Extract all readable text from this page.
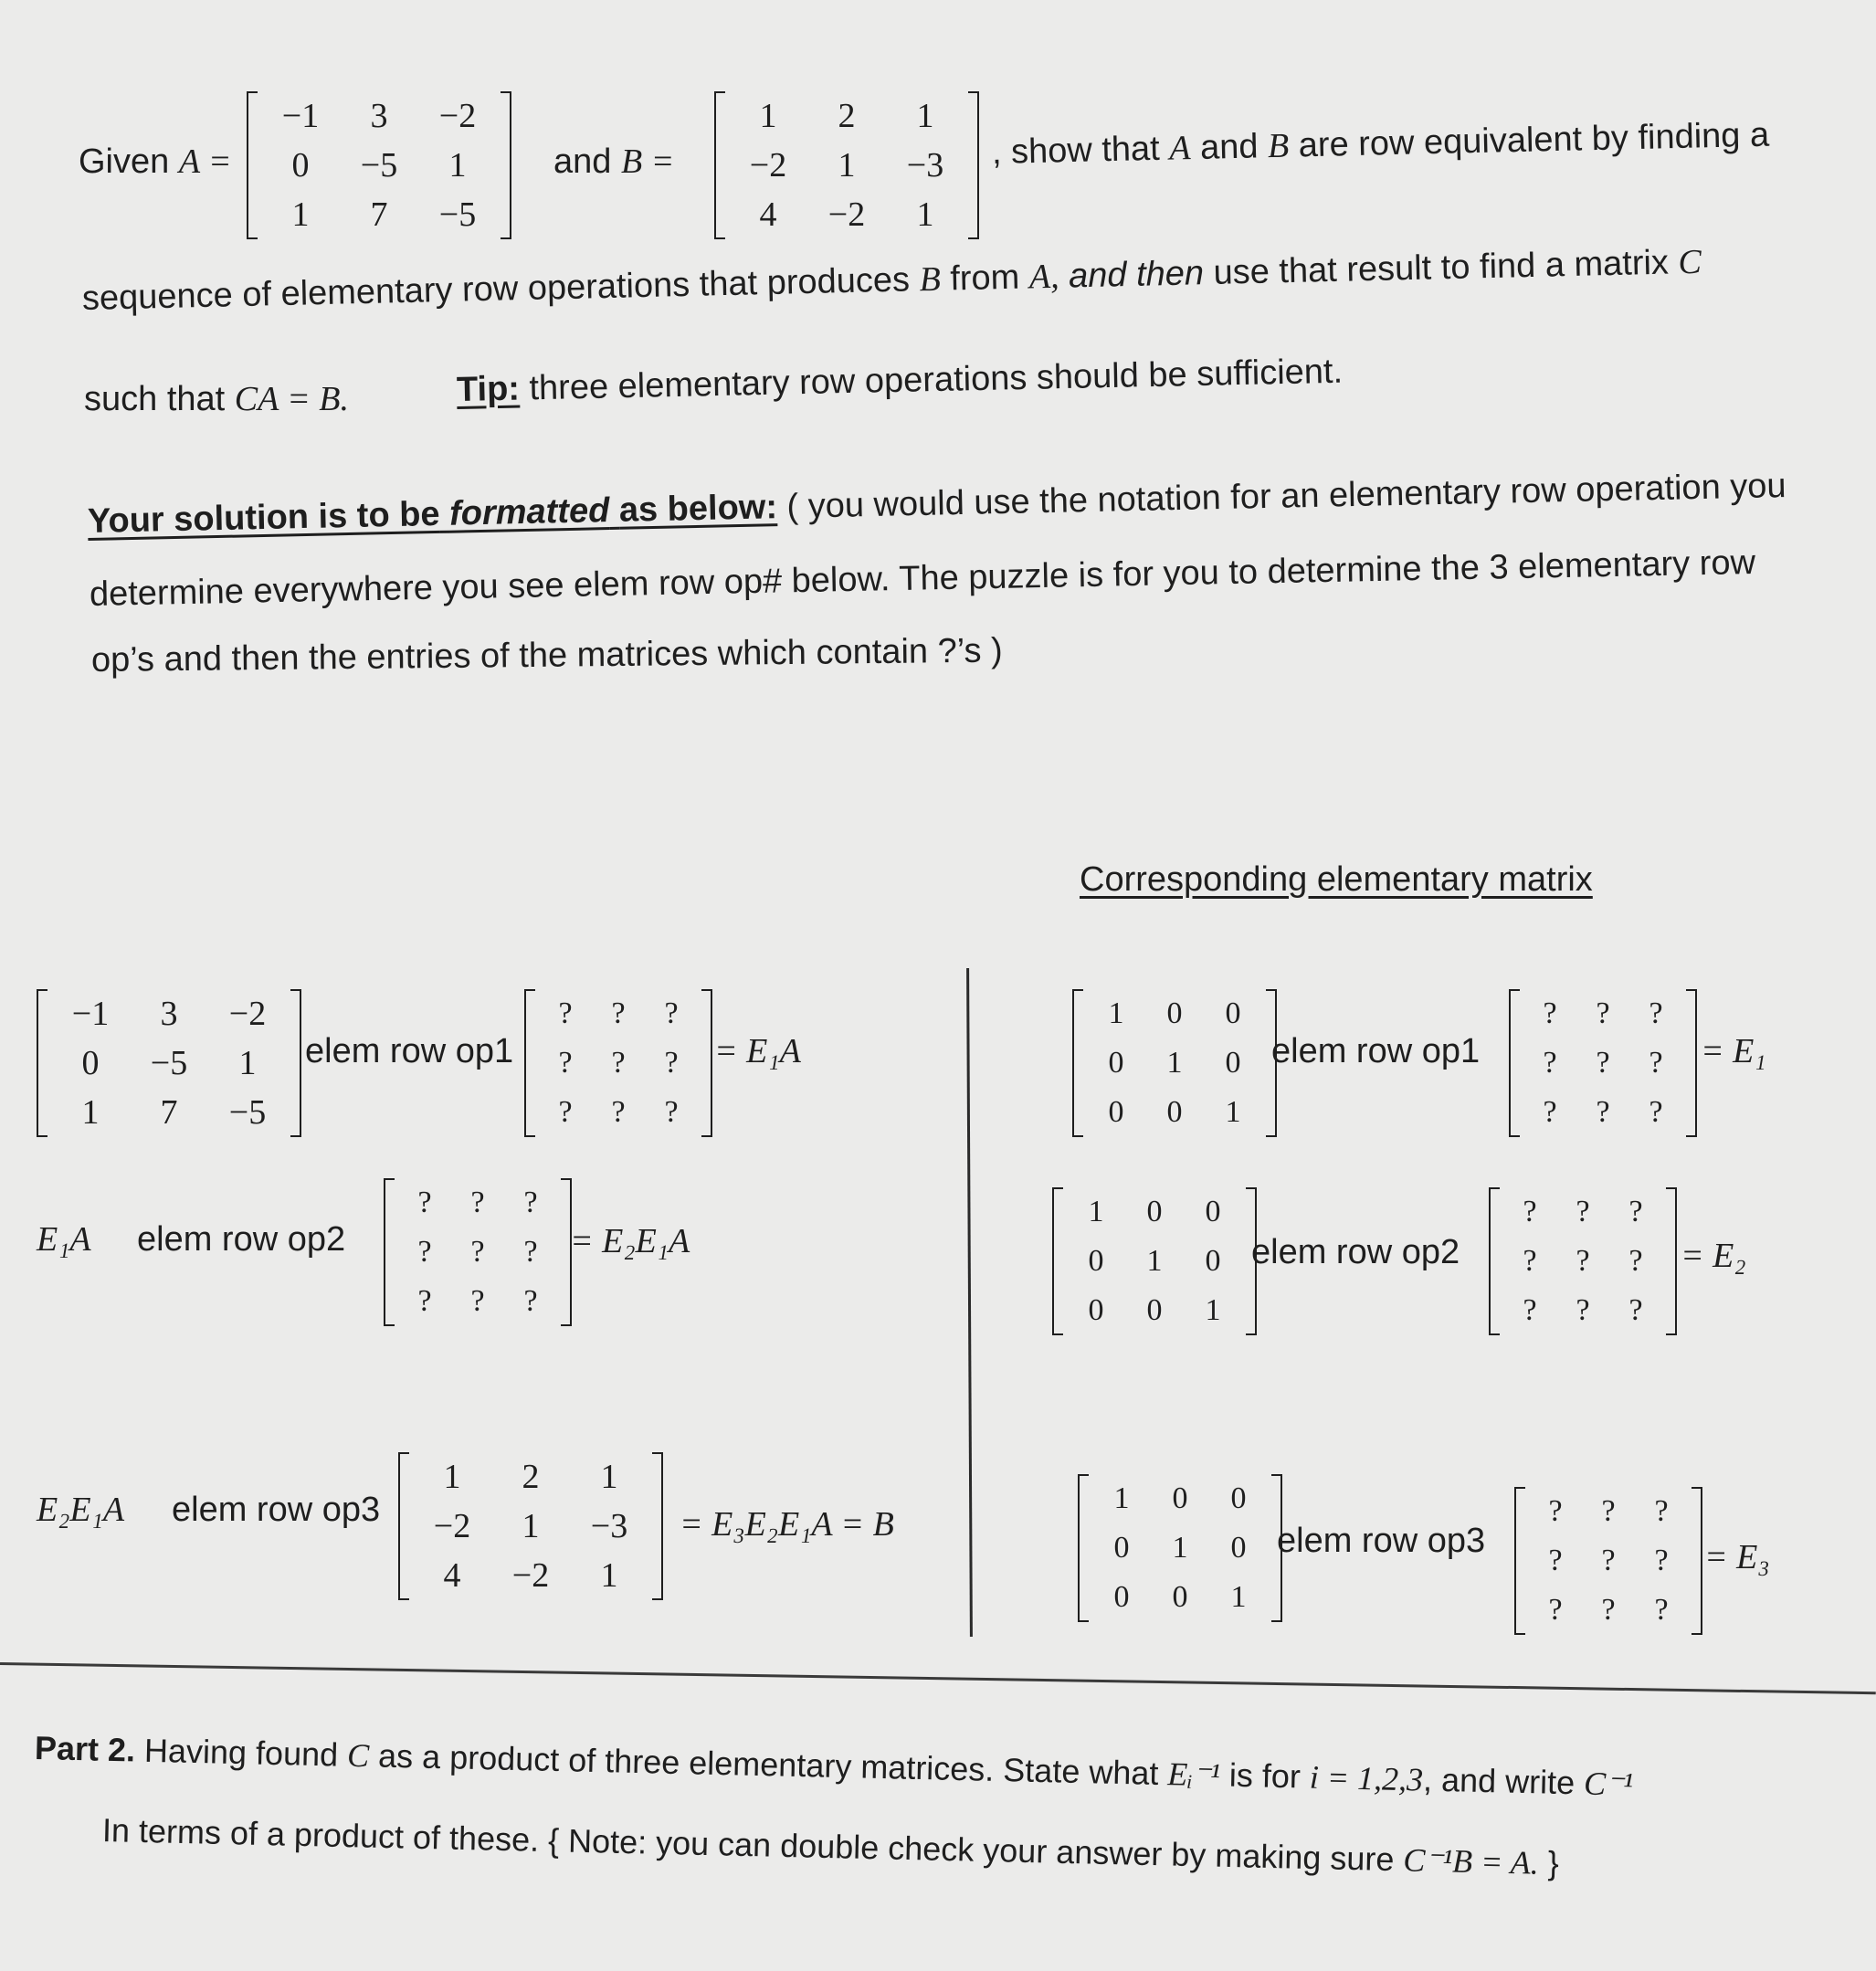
Given A =
−1	3	−2
0	−5	1
1	7	−5
and B =
1	2	1
−2	1	−3
4	−2	1
, show that A and B are row equivalent by finding a
sequence of elementary row operations that produces B from A, and then use that result to find a matrix C
such that CA = B.	Tip: three elementary row operations should be sufficient.
Your solution is to be formatted as below: ( you would use the notation for an elementary row operation you
determine everywhere you see elem row op# below. The puzzle is for you to determine the 3 elementary row
op’s and then the entries of the matrices which contain ?’s )
Corresponding elementary matrix
−1	3	−2
0	−5	1
1	7	−5
elem row op1
?	?	?
?	?	?
?	?	?
= E₁A
1	0	0
0	1	0
0	0	1
elem row op1
?	?	?
?	?	?
?	?	?
= E₁
E₁A elem row op2
?	?	?
?	?	?
?	?	?
= E₂E₁A
1	0	0
0	1	0
0	0	1
elem row op2
?	?	?
?	?	?
?	?	?
= E₂
E₂E₁A elem row op3
1	2	1
−2	1	−3
4	−2	1
= E₃E₂E₁A = B
1	0	0
0	1	0
0	0	1
elem row op3
?	?	?
?	?	?
?	?	?
= E₃
Part 2. Having found C as a product of three elementary matrices. State what Eᵢ⁻¹ is for i = 1,2,3, and write C⁻¹
In terms of a product of these. { Note: you can double check your answer by making sure C⁻¹B = A. }
